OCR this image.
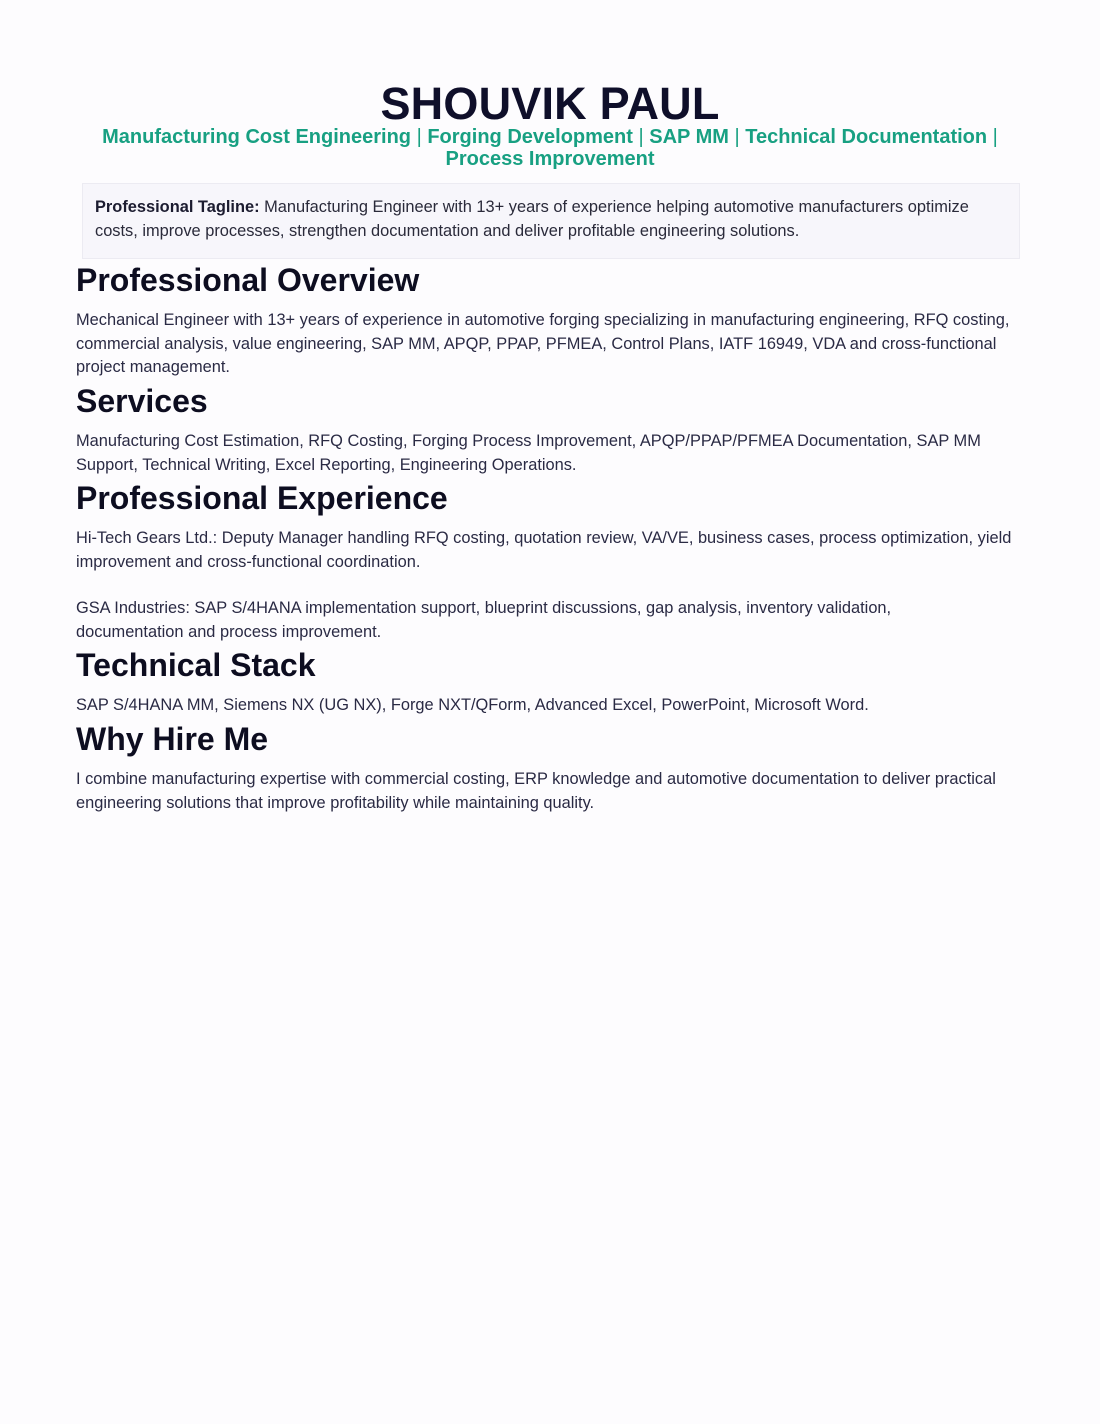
SHOUVIK PAUL

Manufacturing Cost Engineering | Forging Development | SAP MM | Technical Documentation |
Process Improvement

Professional Tagline: Manufacturing Engineer with 13+ years of experience helping automotive manufacturers optimize costs, improve processes, strengthen documentation and deliver profitable engineering solutions.
Professional Overview

Mechanical Engineer with 13+ years of experience in automotive forging specializing in manufacturing engineering, RFQ costing, commercial analysis, value engineering, SAP MM, APQP, PPAP, PFMEA, Control Plans, IATF 16949, VDA and cross-functional project management.

Services

Manufacturing Cost Estimation, RFQ Costing, Forging Process Improvement, APQP/PPAP/PFMEA Documentation, SAP MM Support, Technical Writing, Excel Reporting, Engineering Operations.

Professional Experience

Hi-Tech Gears Ltd.: Deputy Manager handling RFQ costing, quotation review, VA/VE, business cases, process optimization, yield improvement and cross-functional coordination.

GSA Industries: SAP S/4HANA implementation support, blueprint discussions, gap analysis, inventory validation, documentation and process improvement.

Technical Stack

SAP S/4HANA MM, Siemens NX (UG NX), Forge NXT/QForm, Advanced Excel, PowerPoint, Microsoft Word.

Why Hire Me

I combine manufacturing expertise with commercial costing, ERP knowledge and automotive documentation to deliver practical engineering solutions that improve profitability while maintaining quality.
